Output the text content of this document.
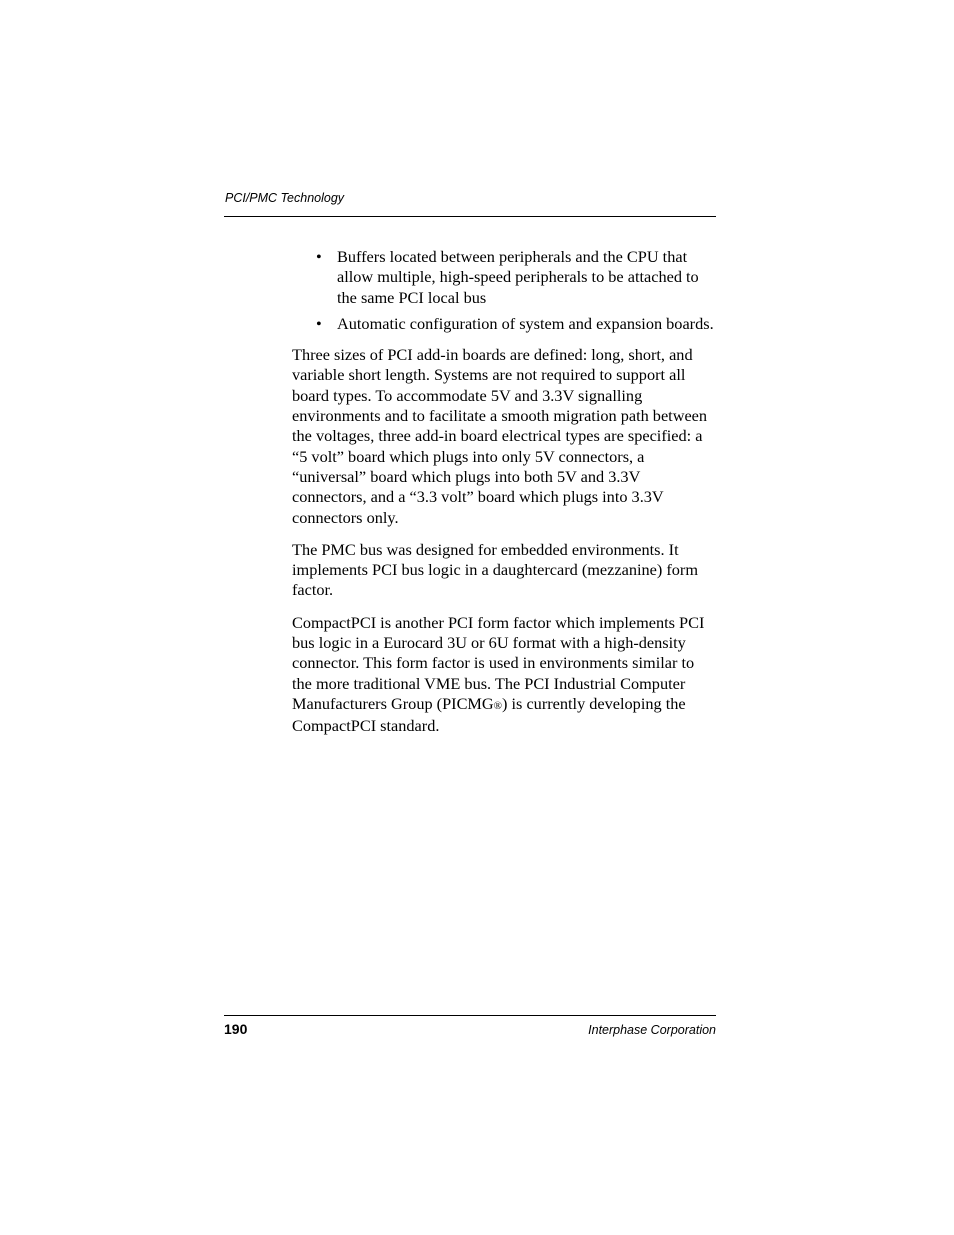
PCI/PMC Technology
• Buffers located between peripherals and the CPU that allow multiple, high-speed peripherals to be attached to the same PCI local bus
• Automatic configuration of system and expansion boards.

Three sizes of PCI add-in boards are defined: long, short, and variable short length. Systems are not required to support all board types. To accommodate 5V and 3.3V signalling environments and to facilitate a smooth migration path between the voltages, three add-in board electrical types are specified: a “5 volt” board which plugs into only 5V connectors, a “universal” board which plugs into both 5V and 3.3V connectors, and a “3.3 volt” board which plugs into 3.3V connectors only.

The PMC bus was designed for embedded environments. It implements PCI bus logic in a daughtercard (mezzanine) form factor.

CompactPCI is another PCI form factor which implements PCI bus logic in a Eurocard 3U or 6U format with a high-density connector. This form factor is used in environments similar to the more traditional VME bus. The PCI Industrial Computer Manufacturers Group (PICMG®) is currently developing the CompactPCI standard.

190	Interphase Corporation
